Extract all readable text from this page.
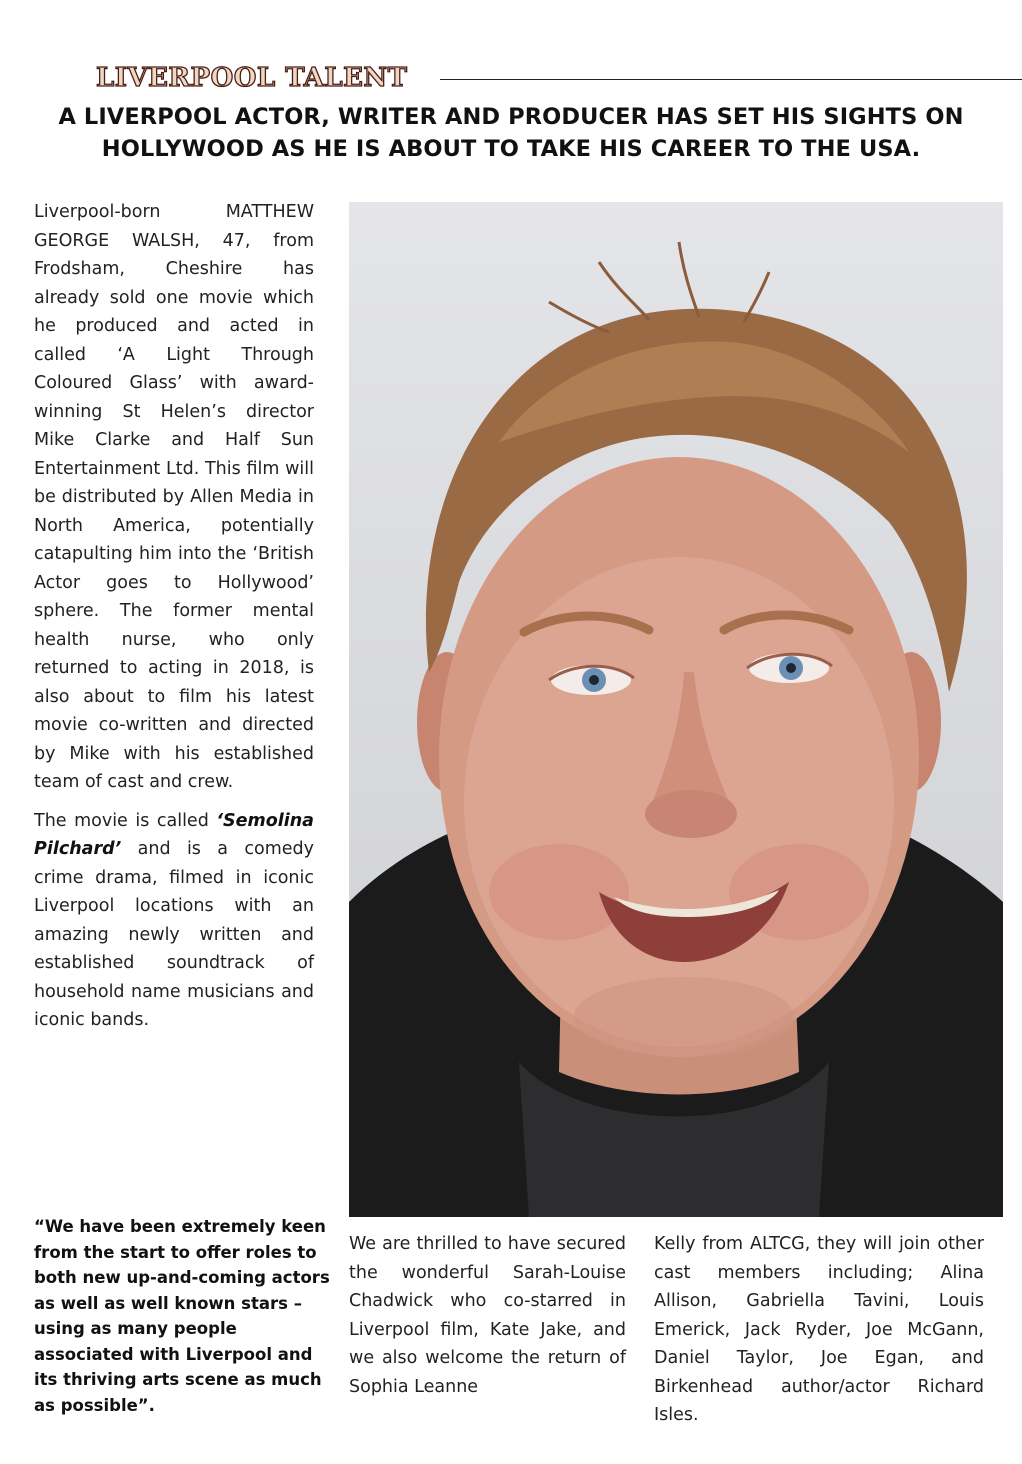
LIVERPOOL TALENT
A LIVERPOOL ACTOR, WRITER AND PRODUCER HAS SET HIS SIGHTS ON HOLLYWOOD AS HE IS ABOUT TO TAKE HIS CAREER TO THE USA.

Liverpool-born MATTHEW GEORGE WALSH, 47, from Frodsham, Cheshire has already sold one movie which he produced and acted in called ‘A Light Through Coloured Glass’ with award-winning St Helen’s director Mike Clarke and Half Sun Entertainment Ltd. This film will be distributed by Allen Media in North America, potentially catapulting him into the ‘British Actor goes to Hollywood’ sphere. The former mental health nurse, who only returned to acting in 2018, is also about to film his latest movie co-written and directed by Mike with his established team of cast and crew.

The movie is called ‘Semolina Pilchard’ and is a comedy crime drama, filmed in iconic Liverpool locations with an amazing newly written and established soundtrack of household name musicians and iconic bands.

“We have been extremely keen from the start to offer roles to both new up-and-coming actors as well as well known stars – using as many people associated with Liverpool and its thriving arts scene as much as possible”.

We are thrilled to have secured the wonderful Sarah-Louise Chadwick who co-starred in Liverpool film, Kate Jake, and we also welcome the return of Sophia Leanne

Kelly from ALTCG, they will join other cast members including; Alina Allison, Gabriella Tavini, Louis Emerick, Jack Ryder, Joe McGann, Daniel Taylor, Joe Egan, and Birkenhead author/actor Richard Isles.
